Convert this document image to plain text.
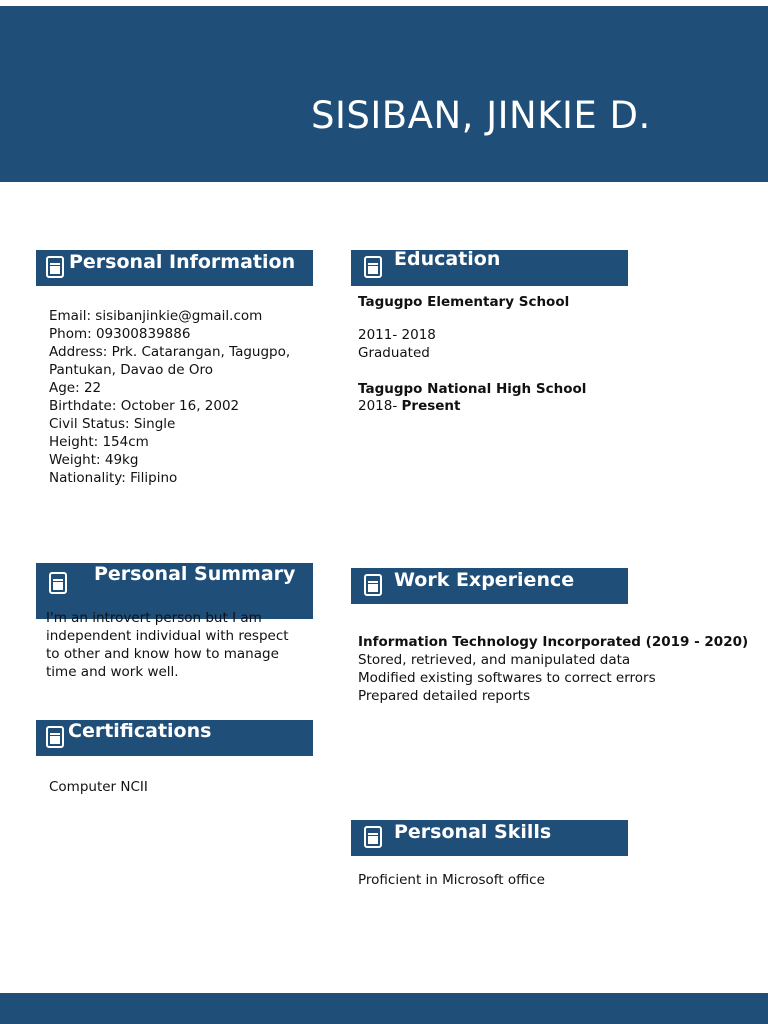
SISIBAN, JINKIE D.
Personal Information
Email: sisibanjinkie@gmail.com
Phom: 09300839886
Address: Prk. Catarangan, Tagugpo,
Pantukan, Davao de Oro
Age: 22
Birthdate: October 16, 2002
Civil Status: Single
Height: 154cm
Weight: 49kg
Nationality: Filipino
Education
Tagugpo Elementary School
2011- 2018
Graduated
Tagugpo National High School
2018- Present
Personal Summary
I'm an introvert person but I am
independent individual with respect
to other and know how to manage
time and work well.
Work Experience
Information Technology Incorporated (2019 - 2020)
Stored, retrieved, and manipulated data
Modified existing softwares to correct errors
Prepared detailed reports
Certifications
Computer NCII
Personal Skills
Proficient in Microsoft office
